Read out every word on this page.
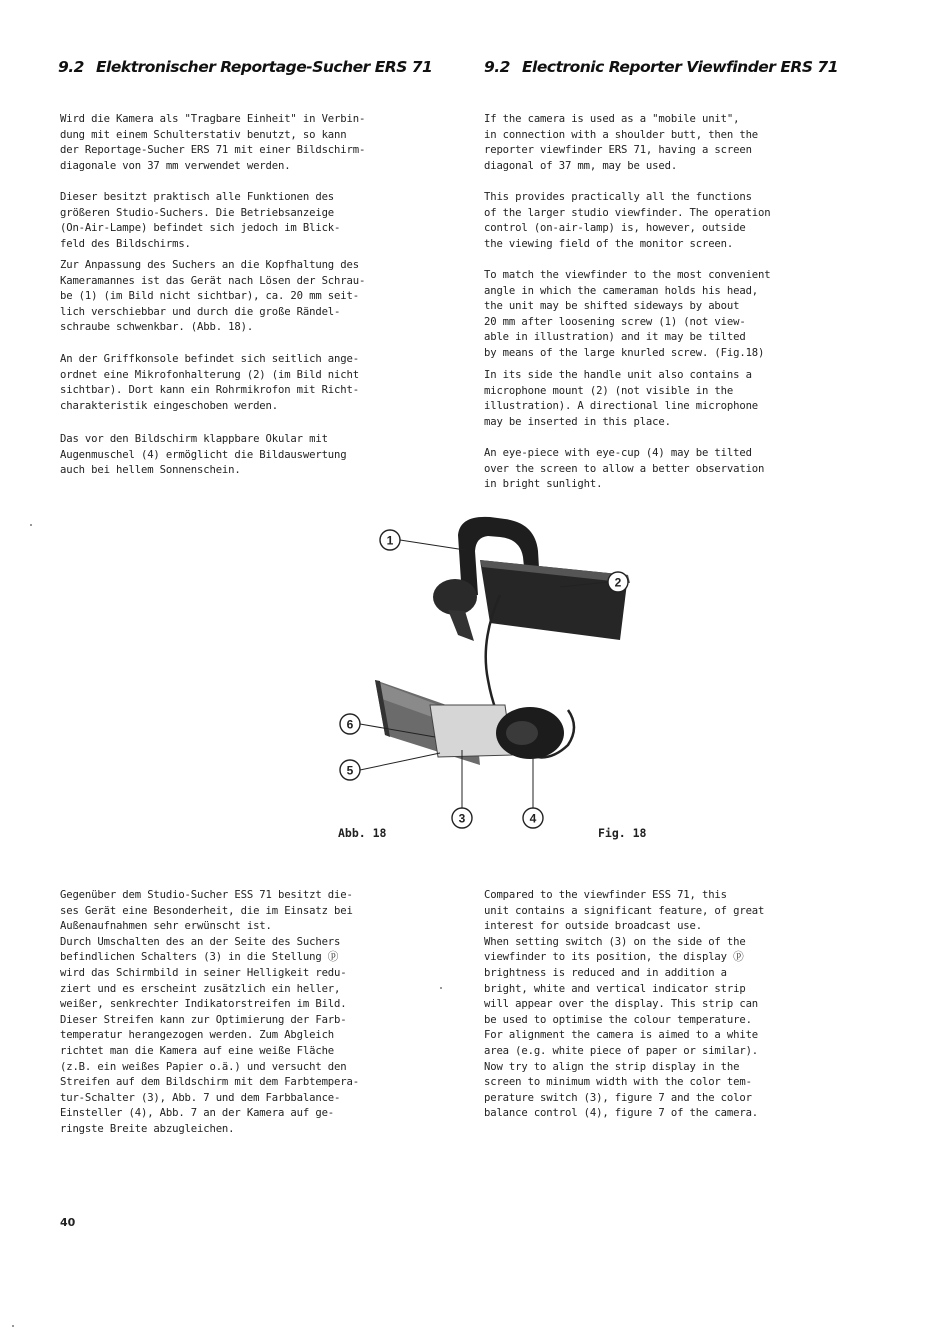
9.2 Elektronischer Reportage-Sucher ERS 71	9.2 Electronic Reporter Viewfinder ERS 71

Wird die Kamera als "Tragbare Einheit" in Verbin-
dung mit einem Schulterstativ benutzt, so kann
der Reportage-Sucher ERS 71 mit einer Bildschirm-
diagonale von 37 mm verwendet werden.

Dieser besitzt praktisch alle Funktionen des
größeren Studio-Suchers. Die Betriebsanzeige
(On-Air-Lampe) befindet sich jedoch im Blick-
feld des Bildschirms.

Zur Anpassung des Suchers an die Kopfhaltung des
Kameramannes ist das Gerät nach Lösen der Schrau-
be (1) (im Bild nicht sichtbar), ca. 20 mm seit-
lich verschiebbar und durch die große Rändel-
schraube schwenkbar. (Abb. 18).

An der Griffkonsole befindet sich seitlich ange-
ordnet eine Mikrofonhalterung (2) (im Bild nicht
sichtbar). Dort kann ein Rohrmikrofon mit Richt-
charakteristik eingeschoben werden.

Das vor den Bildschirm klappbare Okular mit
Augenmuschel (4) ermöglicht die Bildauswertung
auch bei hellem Sonnenschein.

If the camera is used as a "mobile unit",
in connection with a shoulder butt, then the
reporter viewfinder ERS 71, having a screen
diagonal of 37 mm, may be used.

This provides practically all the functions
of the larger studio viewfinder. The operation
control (on-air-lamp) is, however, outside
the viewing field of the monitor screen.

To match the viewfinder to the most convenient
angle in which the cameraman holds his head,
the unit may be shifted sideways by about
20 mm after loosening screw (1) (not view-
able in illustration) and it may be tilted
by means of the large knurled screw. (Fig.18)

In its side the handle unit also contains a
microphone mount (2) (not visible in the
illustration). A directional line microphone
may be inserted in this place.

An eye-piece with eye-cup (4) may be tilted
over the screen to allow a better observation
in bright sunlight.

1
2
3	4
5
6

Abb. 18	Fig. 18

Gegenüber dem Studio-Sucher ESS 71 besitzt die-
ses Gerät eine Besonderheit, die im Einsatz bei
Außenaufnahmen sehr erwünscht ist.
Durch Umschalten des an der Seite des Suchers
befindlichen Schalters (3) in die Stellung ⓟ
wird das Schirmbild in seiner Helligkeit redu-
ziert und es erscheint zusätzlich ein heller,
weißer, senkrechter Indikatorstreifen im Bild.
Dieser Streifen kann zur Optimierung der Farb-
temperatur herangezogen werden. Zum Abgleich
richtet man die Kamera auf eine weiße Fläche
(z.B. ein weißes Papier o.ä.) und versucht den
Streifen auf dem Bildschirm mit dem Farbtempera-
tur-Schalter (3), Abb. 7 und dem Farbbalance-
Einsteller (4), Abb. 7 an der Kamera auf ge-
ringste Breite abzugleichen.

Compared to the viewfinder ESS 71, this
unit contains a significant feature, of great
interest for outside broadcast use.
When setting switch (3) on the side of the
viewfinder to its position, the display ⓟ
brightness is reduced and in addition a
bright, white and vertical indicator strip
will appear over the display. This strip can
be used to optimise the colour temperature.
For alignment the camera is aimed to a white
area (e.g. white piece of paper or similar).
Now try to align the strip display in the
screen to minimum width with the color tem-
perature switch (3), figure 7 and the color
balance control (4), figure 7 of the camera.

40
